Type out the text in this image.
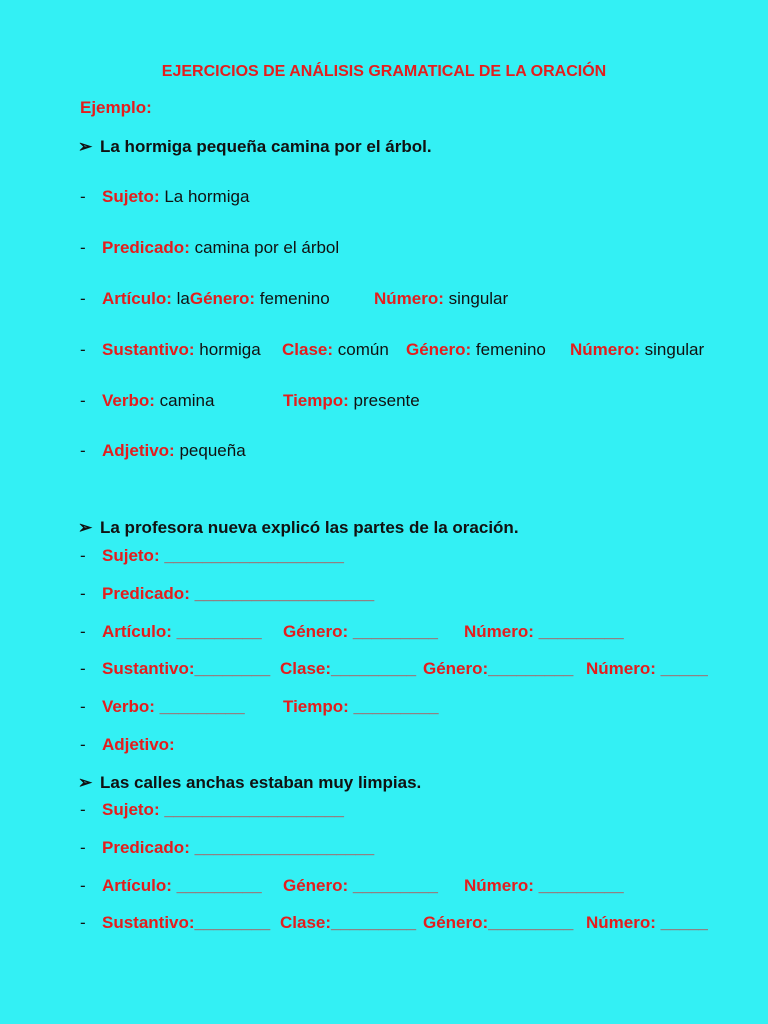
EJERCICIOS DE ANÁLISIS GRAMATICAL DE LA ORACIÓN
Ejemplo:
➢ La hormiga pequeña camina por el árbol.
- Sujeto: La hormiga
- Predicado: camina por el árbol
- Artículo: laGénero: femenino	Número: singular
- Sustantivo: hormiga Clase: común Género: femenino Número: singular
- Verbo: camina	Tiempo: presente
- Adjetivo: pequeña
➢ La profesora nueva explicó las partes de la oración.
- Sujeto: ___________________
- Predicado: ___________________
- Artículo: _________ Género: _________ Número: _________
- Sustantivo:________ Clase:_________ Género:_________ Número: _____
- Verbo: _________ Tiempo: _________
- Adjetivo:
➢ Las calles anchas estaban muy limpias.
- Sujeto: ___________________
- Predicado: ___________________
- Artículo: _________ Género: _________ Número: _________
- Sustantivo:________ Clase:_________ Género:_________ Número: _____
